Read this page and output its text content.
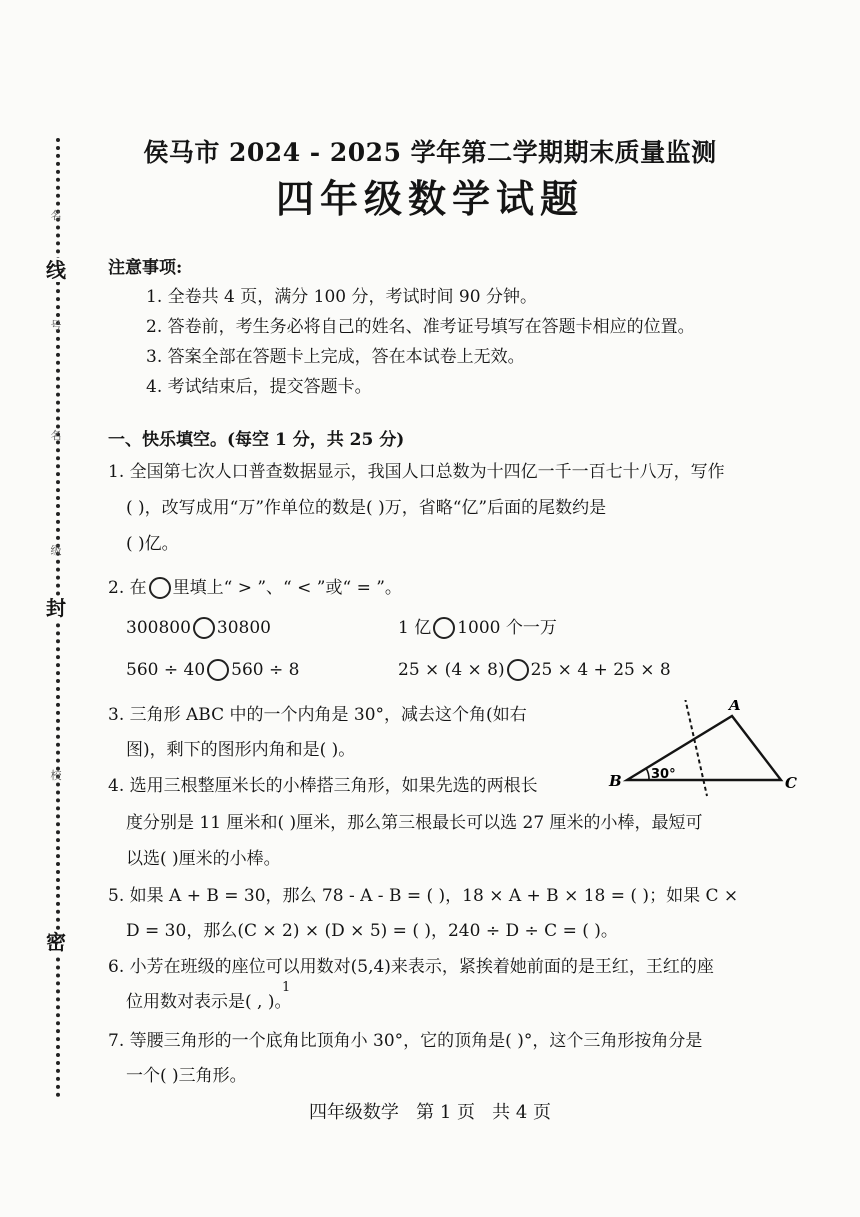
名
线
号
名
级
封
校
密
侯马市 2024 - 2025 学年第二学期期末质量监测
四年级数学试题
注意事项:
1. 全卷共 4 页，满分 100 分，考试时间 90 分钟。
2. 答卷前，考生务必将自己的姓名、准考证号填写在答题卡相应的位置。
3. 答案全部在答题卡上完成，答在本试卷上无效。
4. 考试结束后，提交答题卡。
一、快乐填空。(每空 1 分，共 25 分)
1. 全国第七次人口普查数据显示，我国人口总数为十四亿一千一百七十八万，写作
( )，改写成用“万”作单位的数是( )万，省略“亿”后面的尾数约是
( )亿。
2. 在 里填上“ > ”、“ < ”或“ = ”。
300800 30800	1 亿 1000 个一万
560 ÷ 40 560 ÷ 8	25 × (4 × 8) 25 × 4 + 25 × 8
3. 三角形 ABC 中的一个内角是 30°，减去这个角(如右
图)，剩下的图形内角和是( )。
A
B	C
30°
4. 选用三根整厘米长的小棒搭三角形，如果先选的两根长
度分别是 11 厘米和( )厘米，那么第三根最长可以选 27 厘米的小棒，最短可
以选( )厘米的小棒。
5. 如果 A + B = 30，那么 78 - A - B = ( )，18 × A + B × 18 = ( )；如果 C ×
D = 30，那么(C × 2) × (D × 5) = ( )，240 ÷ D ÷ C = ( )。
6. 小芳在班级的座位可以用数对(5,4)来表示，紧挨着她前面的是王红，王红的座
位用数对表示是( , )。
1
7. 等腰三角形的一个底角比顶角小 30°，它的顶角是( )°，这个三角形按角分是
一个( )三角形。
四年级数学   第 1 页   共 4 页
